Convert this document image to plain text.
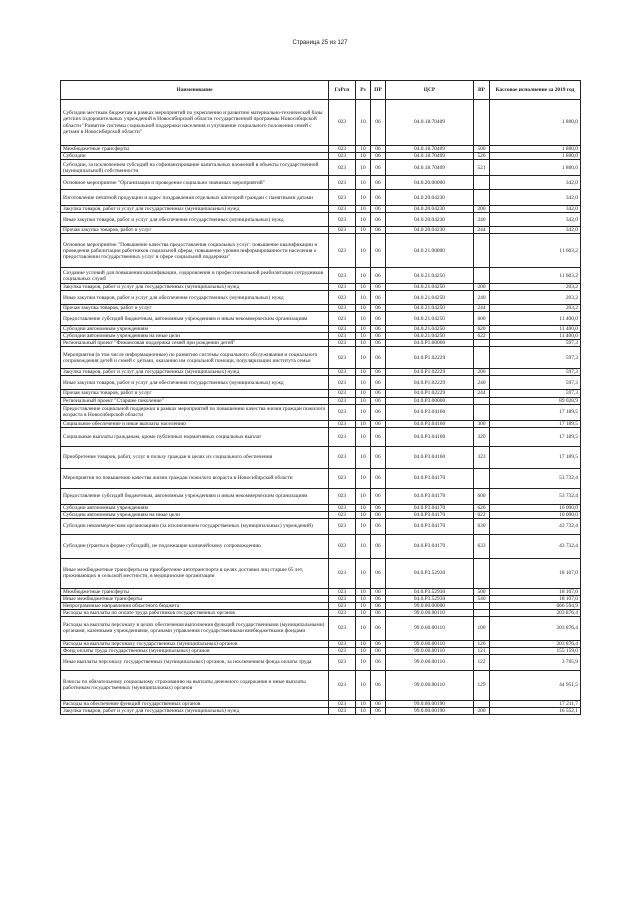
Страница 25 из 127
Наименование	ГлРсп	Рз	ПР	ЦСР	ВР	Кассовое исполнение за 2019 год
Субсидии местным бюджетам в рамках мероприятий по укреплению и развитию материально-технической базы детских оздоровительных учреждений в Новосибирской области государственной программы Новосибирской области "Развитие системы социальной поддержки населения и улучшение социального положения семей с детьми в Новосибирской области"	023	10	06	04.0.18.70409		1 800,0
Межбюджетные трансферты	023	10	06	04.0.18.70409	500	1 800,0
Субсидии	023	10	06	04.0.18.70409	520	1 800,0
Субсидии, за исключением субсидий на софинансирование капитальных вложений в объекты государственной (муниципальной) собственности	023	10	06	04.0.18.70409	521	1 800,0
Основное мероприятие "Организация и проведение социально значимых мероприятий"	023	10	06	04.0.20.00000		342,0
Изготовление печатной продукции и адрес поздравления отдельных категорий граждан с памятными датами	023	10	06	04.0.20.04230		342,0
Закупка товаров, работ и услуг для государственных (муниципальных) нужд	023	10	06	04.0.20.04230	200	342,0
Иные закупки товаров, работ и услуг для обеспечения государственных (муниципальных) нужд	023	10	06	04.0.20.04230	240	342,0
Прочая закупка товаров, работ и услуг	023	10	06	04.0.20.04230	244	342,0
Основное мероприятие "Повышение качества предоставления социальных услуг: повышение квалификации и проведения рабилитации работников социальной сферы, повышение уровня информированности населения о предоставлении государственных услуг в сфере социальной поддержки"	023	10	06	04.0.21.00000		11 603,2
Создание условий для повышения квалификации, оздоровления и профессиональной реабилитации сотрудников социальных служб	023	10	06	04.0.21.04250		11 603,2
Закупка товаров, работ и услуг для государственных (муниципальных) нужд	023	10	06	04.0.21.04250	200	203,2
Иные закупки товаров, работ и услуг для обеспечения государственных (муниципальных) нужд	023	10	06	04.0.21.04250	240	203,2
Прочая закупка товаров, работ и услуг	023	10	06	04.0.21.04250	244	203,2
Предоставление субсидий бюджетным, автономным учреждениям и иным некоммерческим организациям	023	10	06	04.0.21.04250	600	11 400,0
Субсидии автономным учреждениям	023	10	06	04.0.21.04250	620	11 400,0
Субсидии автономным учреждениям на иные цели	023	10	06	04.0.21.04250	622	11 400,0
Региональный проект "Финансовая поддержка семей при рождении детей"	023	10	06	04.0.P1.00000		597,3
Мероприятия (в том числе информационные) по развитию системы социального обслуживания и социального сопровождения детей и семей с детьми, оказанию им социальной помощи, популяризации института семьи	023	10	06	04.0.P1.02229		597,3
Закупка товаров, работ и услуг для государственных (муниципальных) нужд	023	10	06	04.0.P1.02229	200	597,3
Иные закупки товаров, работ и услуг для обеспечения государственных (муниципальных) нужд	023	10	06	04.0.P1.02229	240	597,3
Прочая закупка товаров, работ и услуг	023	10	06	04.0.P1.02229	244	597,3
Региональный проект "Старшее поколение"	023	10	06	04.0.P3.00000		89 028,9
Предоставление социальной поддержки в рамках мероприятий по повышению качества жизни граждан пожилого возраста в Новосибирской области	023	10	06	04.0.P3.04160		17 189,5
Социальное обеспечение и иные выплаты населению	023	10	06	04.0.P3.04160	300	17 189,5
Социальные выплаты гражданам, кроме публичных нормативных социальных выплат	023	10	06	04.0.P3.04160	320	17 189,5
Приобретение товаров, работ, услуг в пользу граждан в целях их социального обеспечения	023	10	06	04.0.P3.04160	323	17 189,5
Мероприятия по повышению качества жизни граждан пожилого возраста в Новосибирской области	023	10	06	04.0.P3.04170		53 732,4
Предоставление субсидий бюджетным, автономным учреждениям и иным некоммерческим организациям	023	10	06	04.0.P3.04170	600	53 732,4
Субсидии автономным учреждениям	023	10	06	04.0.P3.04170	620	10 000,0
Субсидии автономным учреждениям на иные цели	023	10	06	04.0.P3.04170	622	10 000,0
Субсидии некоммерческим организациям (за исключением государственных (муниципальных) учреждений)	023	10	06	04.0.P3.04170	630	43 732,4
Субсидии (гранты в форме субсидий), не подлежащие казначейскому сопровождению	023	10	06	04.0.P3.04170	633	43 732,4
Иные межбюджетные трансферты на приобретение автотранспорта в целях доставки лиц старше 65 лет, проживающих в сельской местности, в медицинские организации	023	10	06	04.0.P3.52930		18 107,0
Межбюджетные трансферты	023	10	06	04.0.P3.52930	500	18 107,0
Иные межбюджетные трансферты	023	10	06	04.0.P3.52930	540	18 107,0
Непрограммные направления областного бюджета	023	10	06	99.0.00.00000		666 594,9
Расходы на выплаты по оплате труда работников государственных органов	023	10	06	99.0.00.00110		203 876,4
Расходы на выплаты персоналу в целях обеспечения выполнения функций государственными (муниципальными) органами, казенными учреждениями, органами управления государственными внебюджетными фондами	023	10	06	99.0.00.00110	100	203 876,4
Расходы на выплаты персоналу государственных (муниципальных) органов	023	10	06	99.0.00.00110	120	203 876,4
Фонд оплаты труда государственных (муниципальных) органов	023	10	06	99.0.00.00110	121	155 159,0
Иные выплаты персоналу государственных (муниципальных) органов, за исключением фонда оплаты труда	023	10	06	99.0.00.00110	122	3 765,9
Взносы по обязательному социальному страхованию на выплаты денежного содержания и иные выплаты работникам государственных (муниципальных) органов	023	10	06	99.0.00.00110	129	44 951,5
Расходы на обеспечение функций государственных органов	023	10	06	99.0.00.00190		17 211,7
Закупка товаров, работ и услуг для государственных (муниципальных) нужд	023	10	06	99.0.00.00190	200	16 552,1
